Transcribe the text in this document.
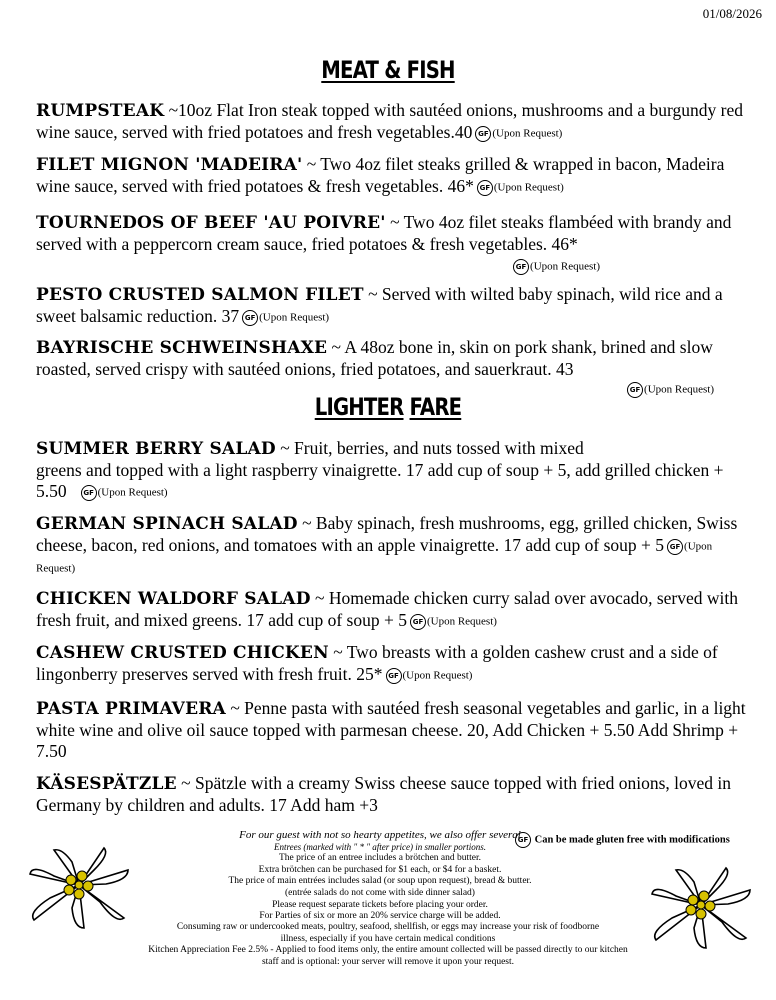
01/08/2026
MEAT & FISH
RUMPSTEAK ~10oz Flat Iron steak topped with sautéed onions, mushrooms and a burgundy red wine sauce, served with fried potatoes and fresh vegetables.40 GF (Upon Request)
FILET MIGNON 'MADEIRA' ~ Two 4oz filet steaks grilled & wrapped in bacon, Madeira wine sauce, served with fried potatoes & fresh vegetables. 46* GF (Upon Request)
TOURNEDOS OF BEEF 'AU POIVRE' ~ Two 4oz filet steaks flambéed with brandy and served with a peppercorn cream sauce, fried potatoes & fresh vegetables. 46*
GF (Upon Request)
PESTO CRUSTED SALMON FILET ~ Served with wilted baby spinach, wild rice and a sweet balsamic reduction. 37 GF (Upon Request)
BAYRISCHE SCHWEINSHAXE ~ A 48oz bone in, skin on pork shank, brined and slow roasted, served crispy with sautéed onions, fried potatoes, and sauerkraut. 43
GF (Upon Request)
LIGHTER FARE
SUMMER BERRY SALAD ~ Fruit, berries, and nuts tossed with mixed
greens and topped with a light raspberry vinaigrette. 17 add cup of soup + 5, add grilled chicken + 5.50 GF (Upon Request)
GERMAN SPINACH SALAD ~ Baby spinach, fresh mushrooms, egg, grilled chicken, Swiss cheese, bacon, red onions, and tomatoes with an apple vinaigrette. 17 add cup of soup + 5 GF (Upon Request)
CHICKEN WALDORF SALAD ~ Homemade chicken curry salad over avocado, served with fresh fruit, and mixed greens. 17 add cup of soup + 5 GF (Upon Request)
CASHEW CRUSTED CHICKEN ~ Two breasts with a golden cashew crust and a side of lingonberry preserves served with fresh fruit. 25* GF (Upon Request)
PASTA PRIMAVERA ~ Penne pasta with sautéed fresh seasonal vegetables and garlic, in a light white wine and olive oil sauce topped with parmesan cheese. 20, Add Chicken + 5.50 Add Shrimp + 7.50
KÄSESPÄTZLE ~ Spätzle with a creamy Swiss cheese sauce topped with fried onions, loved in Germany by children and adults. 17 Add ham +3
GF Can be made gluten free with modifications
For our guest with not so hearty appetites, we also offer several
Entrees (marked with " * " after price) in smaller portions.
The price of an entree includes a brötchen and butter.
Extra brötchen can be purchased for $1 each, or $4 for a basket.
The price of main entrées includes salad (or soup upon request), bread & butter.
(entrée salads do not come with side dinner salad)
Please request separate tickets before placing your order.
For Parties of six or more an 20% service charge will be added.
Consuming raw or undercooked meats, poultry, seafood, shellfish, or eggs may increase your risk of foodborne
illness, especially if you have certain medical conditions
Kitchen Appreciation Fee 2.5% - Applied to food items only, the entire amount collected will be passed directly to our kitchen
staff and is optional: your server will remove it upon your request.
